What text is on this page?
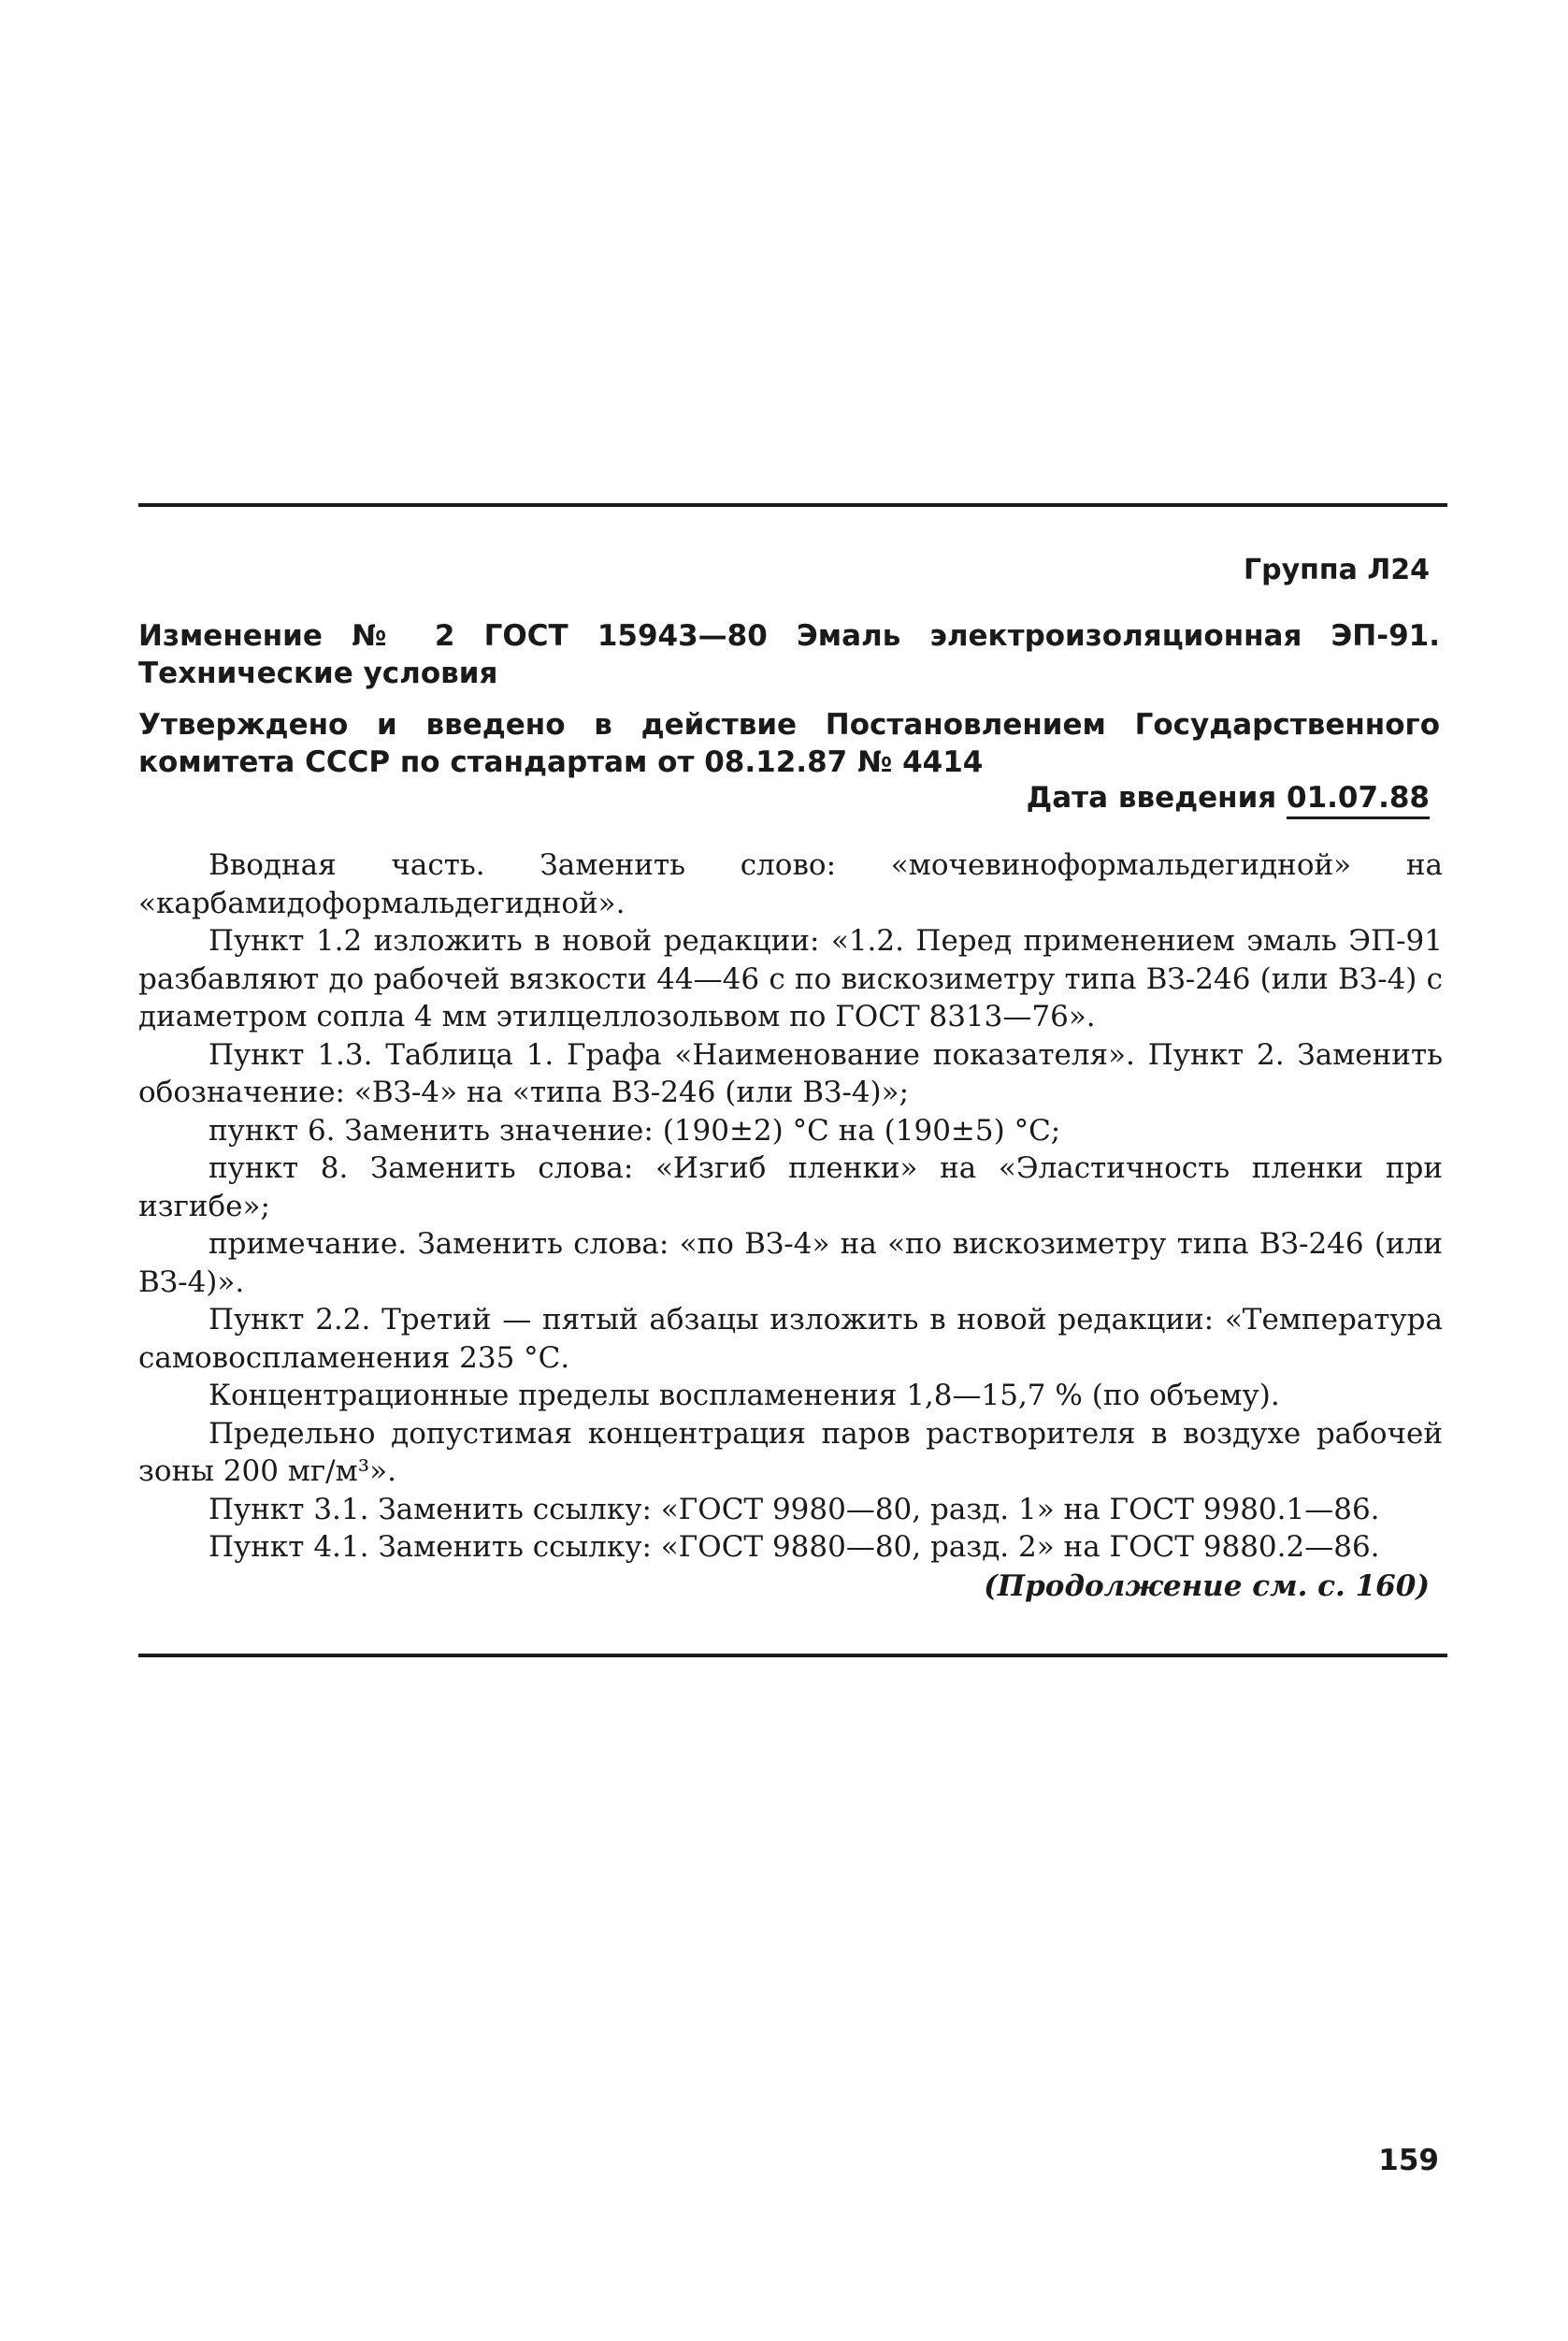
Группа Л24
Изменение № 2 ГОСТ 15943—80 Эмаль электроизоляционная ЭП-91. Технические условия
Утверждено и введено в действие Постановлением Государственного комитета СССР по стандартам от 08.12.87 № 4414
Дата введения 01.07.88

Вводная часть. Заменить слово: «мочевиноформальдегидной» на «карбамидоформальдегидной».

Пункт 1.2 изложить в новой редакции: «1.2. Перед применением эмаль ЭП-91 разбавляют до рабочей вязкости 44—46 с по вискозиметру типа ВЗ-246 (или ВЗ-4) с диаметром сопла 4 мм этилцеллозольвом по ГОСТ 8313—76».

Пункт 1.3. Таблица 1. Графа «Наименование показателя». Пункт 2. Заменить обозначение: «ВЗ-4» на «типа ВЗ-246 (или ВЗ-4)»;

пункт 6. Заменить значение: (190±2) °С на (190±5) °С;

пункт 8. Заменить слова: «Изгиб пленки» на «Эластичность пленки при изгибе»;

примечание. Заменить слова: «по ВЗ-4» на «по вискозиметру типа ВЗ-246 (или ВЗ-4)».

Пункт 2.2. Третий — пятый абзацы изложить в новой редакции: «Температура самовоспламенения 235 °С.

Концентрационные пределы воспламенения 1,8—15,7 % (по объему).

Предельно допустимая концентрация паров растворителя в воздухе рабочей зоны 200 мг/м³».

Пункт 3.1. Заменить ссылку: «ГОСТ 9980—80, разд. 1» на ГОСТ 9980.1—86.

Пункт 4.1. Заменить ссылку: «ГОСТ 9880—80, разд. 2» на ГОСТ 9880.2—86.

(Продолжение см. с. 160)
159
